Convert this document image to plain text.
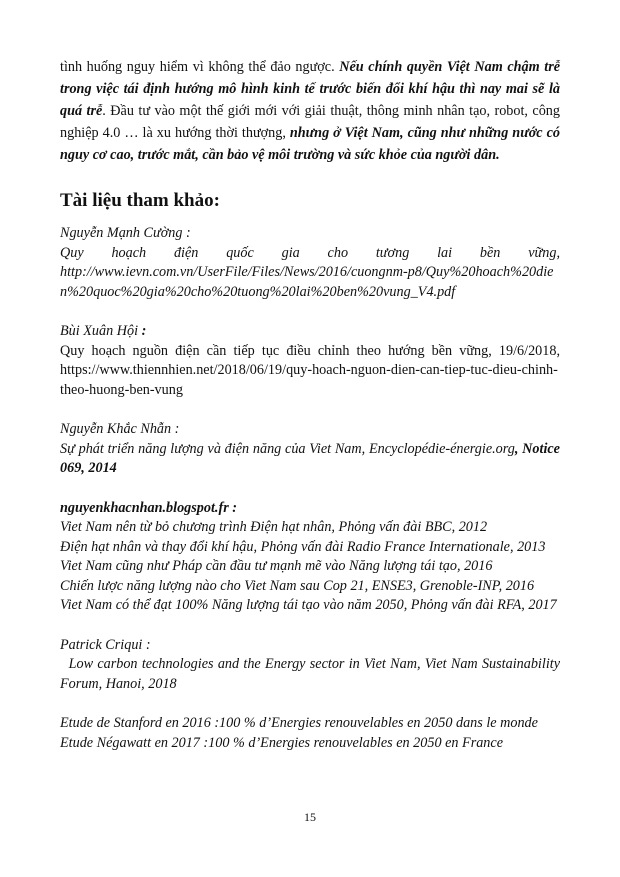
tình huống nguy hiểm vì không thể đảo ngược. Nếu chính quyền Việt Nam chậm trễ trong việc tái định hướng mô hình kinh tế trước biến đổi khí hậu thì nay mai sẽ là quá trễ. Đầu tư vào một thế giới mới với giải thuật, thông minh nhân tạo, robot, công nghiệp 4.0 … là xu hướng thời thượng, nhưng ở Việt Nam, cũng như những nước có nguy cơ cao, trước mắt, cần bảo vệ môi trường và sức khỏe của người dân.

Tài liệu tham khảo:

Nguyễn Mạnh Cường :

Quy hoạch điện quốc gia cho tương lai bền vững,

http://www.ievn.com.vn/UserFile/Files/News/2016/cuongnm-p8/Quy%20hoach%20dien%20quoc%20gia%20cho%20tuong%20lai%20ben%20vung_V4.pdf

Bùi Xuân Hội :

Quy hoạch nguồn điện cần tiếp tục điều chỉnh theo hướng bền vững, 19/6/2018, https://www.thiennhien.net/2018/06/19/quy-hoach-nguon-dien-can-tiep-tuc-dieu-chinh-theo-huong-ben-vung

Nguyễn Khắc Nhẫn :

Sự phát triển năng lượng và điện năng của Viet Nam, Encyclopédie-énergie.org, Notice 069, 2014

nguyenkhacnhan.blogspot.fr :

Viet Nam nên từ bỏ chương trình Điện hạt nhân, Phỏng vấn đài BBC, 2012

Điện hạt nhân và thay đổi khí hậu, Phỏng vấn đài Radio France Internationale, 2013

Viet Nam cũng như Pháp cần đầu tư mạnh mẽ vào Năng lượng tái tạo, 2016

Chiến lược năng lượng nào cho Viet Nam sau Cop 21, ENSE3, Grenoble-INP, 2016

Viet Nam có thể đạt 100% Năng lượng tái tạo vào năm 2050, Phỏng vấn đài RFA, 2017

Patrick Criqui :

Low carbon technologies and the Energy sector in Viet Nam, Viet Nam Sustainability Forum, Hanoi, 2018

Etude de Stanford en 2016 :100 % d’Energies renouvelables en 2050 dans le monde

Etude Négawatt en 2017 :100 % d’Energies renouvelables en 2050 en France

15
